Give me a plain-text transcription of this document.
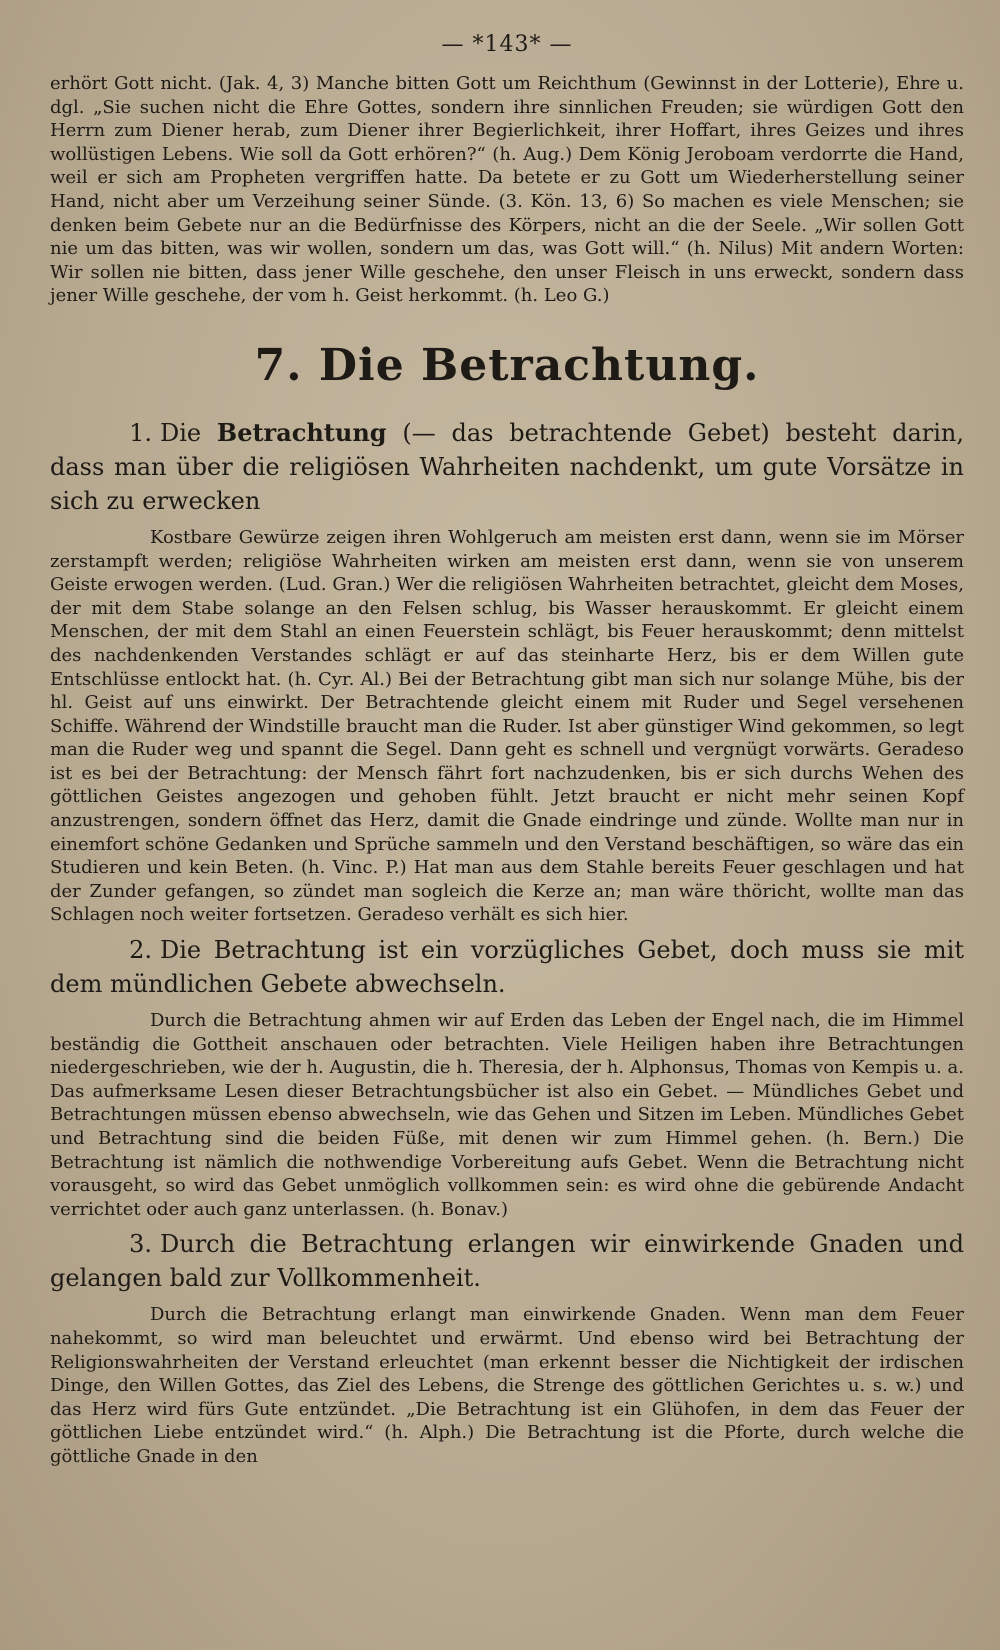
— *143* —

erhört Gott nicht. (Jak. 4, 3) Manche bitten Gott um Reichthum (Gewinnst in der Lotterie), Ehre u. dgl. „Sie suchen nicht die Ehre Gottes, sondern ihre sinnlichen Freuden; sie würdigen Gott den Herrn zum Diener herab, zum Diener ihrer Begierlichkeit, ihrer Hoffart, ihres Geizes und ihres wollüstigen Lebens. Wie soll da Gott erhören?“ (h. Aug.) Dem König Jeroboam verdorrte die Hand, weil er sich am Propheten vergriffen hatte. Da betete er zu Gott um Wiederherstellung seiner Hand, nicht aber um Verzeihung seiner Sünde. (3. Kön. 13, 6) So machen es viele Menschen; sie denken beim Gebete nur an die Bedürfnisse des Körpers, nicht an die der Seele. „Wir sollen Gott nie um das bitten, was wir wollen, sondern um das, was Gott will.“ (h. Nilus) Mit andern Worten: Wir sollen nie bitten, dass jener Wille geschehe, den unser Fleisch in uns erweckt, sondern dass jener Wille geschehe, der vom h. Geist herkommt. (h. Leo G.)

7. Die Betrachtung.
1. Die Betrachtung (— das betrachtende Gebet) besteht darin, dass man über die religiösen Wahrheiten nachdenkt, um gute Vorsätze in sich zu erwecken

Kostbare Gewürze zeigen ihren Wohlgeruch am meisten erst dann, wenn sie im Mörser zerstampft werden; religiöse Wahrheiten wirken am meisten erst dann, wenn sie von unserem Geiste erwogen werden. (Lud. Gran.) Wer die religiösen Wahrheiten betrachtet, gleicht dem Moses, der mit dem Stabe solange an den Felsen schlug, bis Wasser herauskommt. Er gleicht einem Menschen, der mit dem Stahl an einen Feuerstein schlägt, bis Feuer herauskommt; denn mittelst des nachdenkenden Verstandes schlägt er auf das steinharte Herz, bis er dem Willen gute Entschlüsse entlockt hat. (h. Cyr. Al.) Bei der Betrachtung gibt man sich nur solange Mühe, bis der hl. Geist auf uns einwirkt. Der Betrachtende gleicht einem mit Ruder und Segel versehenen Schiffe. Während der Windstille braucht man die Ruder. Ist aber günstiger Wind gekommen, so legt man die Ruder weg und spannt die Segel. Dann geht es schnell und vergnügt vorwärts. Geradeso ist es bei der Betrachtung: der Mensch fährt fort nachzudenken, bis er sich durchs Wehen des göttlichen Geistes angezogen und gehoben fühlt. Jetzt braucht er nicht mehr seinen Kopf anzustrengen, sondern öffnet das Herz, damit die Gnade eindringe und zünde. Wollte man nur in einemfort schöne Gedanken und Sprüche sammeln und den Verstand beschäftigen, so wäre das ein Studieren und kein Beten. (h. Vinc. P.) Hat man aus dem Stahle bereits Feuer geschlagen und hat der Zunder gefangen, so zündet man sogleich die Kerze an; man wäre thöricht, wollte man das Schlagen noch weiter fortsetzen. Geradeso verhält es sich hier.

2. Die Betrachtung ist ein vorzügliches Gebet, doch muss sie mit dem mündlichen Gebete abwechseln.

Durch die Betrachtung ahmen wir auf Erden das Leben der Engel nach, die im Himmel beständig die Gottheit anschauen oder betrachten. Viele Heiligen haben ihre Betrachtungen niedergeschrieben, wie der h. Augustin, die h. Theresia, der h. Alphonsus, Thomas von Kempis u. a. Das aufmerksame Lesen dieser Betrachtungsbücher ist also ein Gebet. — Mündliches Gebet und Betrachtungen müssen ebenso abwechseln, wie das Gehen und Sitzen im Leben. Mündliches Gebet und Betrachtung sind die beiden Füße, mit denen wir zum Himmel gehen. (h. Bern.) Die Betrachtung ist nämlich die nothwendige Vorbereitung aufs Gebet. Wenn die Betrachtung nicht vorausgeht, so wird das Gebet unmöglich vollkommen sein: es wird ohne die gebürende Andacht verrichtet oder auch ganz unterlassen. (h. Bonav.)

3. Durch die Betrachtung erlangen wir einwirkende Gnaden und gelangen bald zur Vollkommenheit.

Durch die Betrachtung erlangt man einwirkende Gnaden. Wenn man dem Feuer nahekommt, so wird man beleuchtet und erwärmt. Und ebenso wird bei Betrachtung der Religionswahrheiten der Verstand erleuchtet (man erkennt besser die Nichtigkeit der irdischen Dinge, den Willen Gottes, das Ziel des Lebens, die Strenge des göttlichen Gerichtes u. s. w.) und das Herz wird fürs Gute entzündet. „Die Betrachtung ist ein Glühofen, in dem das Feuer der göttlichen Liebe entzündet wird.“ (h. Alph.) Die Betrachtung ist die Pforte, durch welche die göttliche Gnade in den
